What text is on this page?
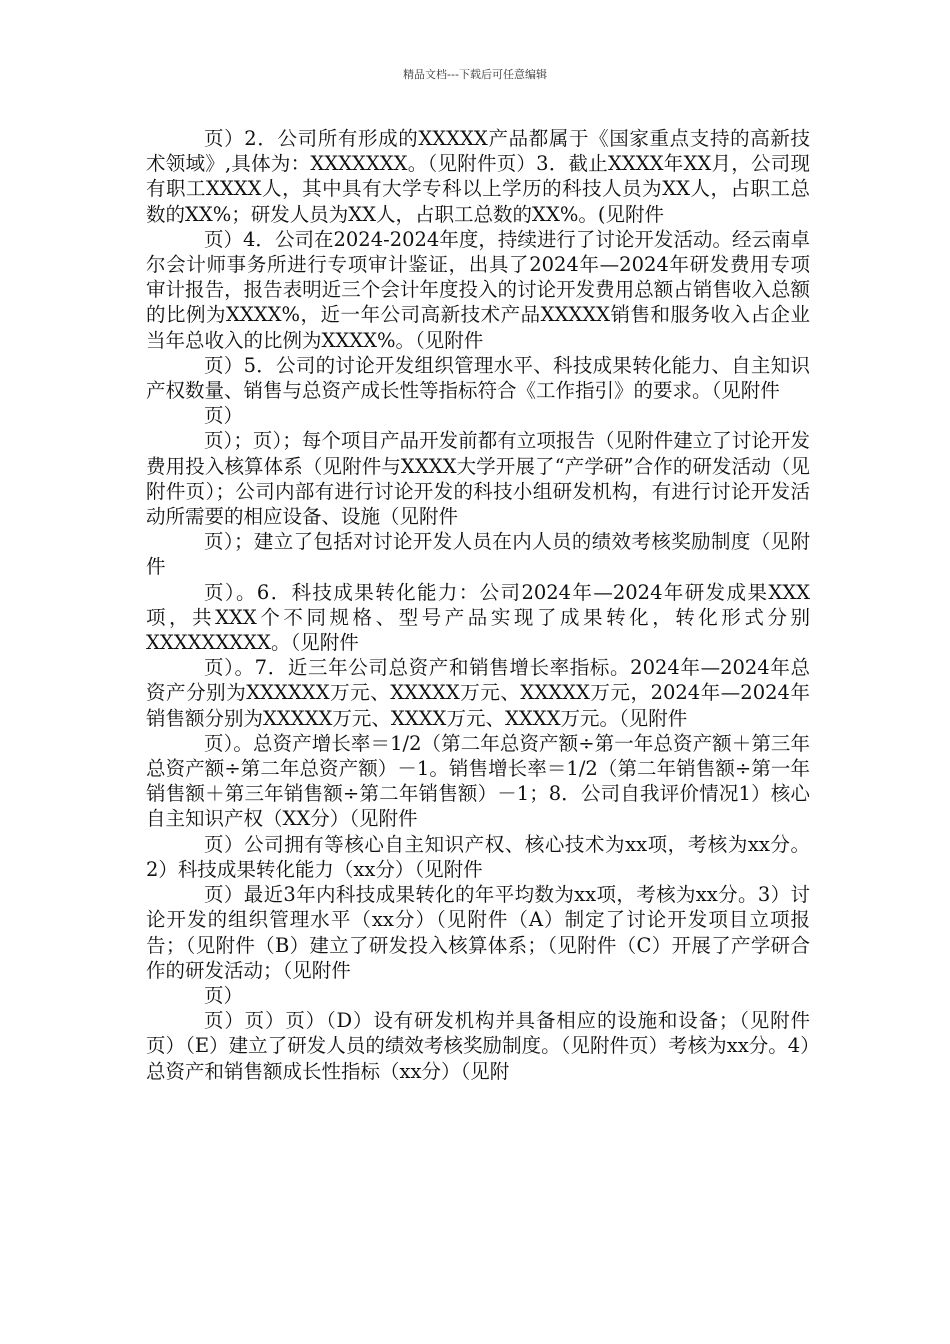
精品文档---下载后可任意编辑

页）2．公司所有形成的XXXXX产品都属于《国家重点支持的高新技术领域》,具体为：XXXXXXX。（见附件页）3．截止XXXX年XX月，公司现有职工XXXX人，其中具有大学专科以上学历的科技人员为XX人，占职工总数的XX%；研发人员为XX人，占职工总数的XX%。(见附件

页）4．公司在2024-2024年度，持续进行了讨论开发活动。经云南卓尔会计师事务所进行专项审计鉴证，出具了2024年—2024年研发费用专项审计报告，报告表明近三个会计年度投入的讨论开发费用总额占销售收入总额的比例为XXXX%，近一年公司高新技术产品XXXXX销售和服务收入占企业当年总收入的比例为XXXX%。（见附件

页）5．公司的讨论开发组织管理水平、科技成果转化能力、自主知识产权数量、销售与总资产成长性等指标符合《工作指引》的要求。（见附件

页）

页）；页）；每个项目产品开发前都有立项报告（见附件建立了讨论开发费用投入核算体系（见附件与XXXX大学开展了“产学研”合作的研发活动（见附件页）；公司内部有进行讨论开发的科技小组研发机构，有进行讨论开发活动所需要的相应设备、设施（见附件

页）；建立了包括对讨论开发人员在内人员的绩效考核奖励制度（见附件

页）。6．科技成果转化能力：公司2024年—2024年研发成果XXX项，共XXX个不同规格、型号产品实现了成果转化，转化形式分别XXXXXXXXX。（见附件

页）。7．近三年公司总资产和销售增长率指标。2024年—2024年总资产分别为XXXXXX万元、XXXXX万元、XXXXX万元，2024年—2024年销售额分别为XXXXX万元、XXXX万元、XXXX万元。（见附件

页）。总资产增长率＝1/2（第二年总资产额÷第一年总资产额＋第三年总资产额÷第二年总资产额）－1。销售增长率＝1/2（第二年销售额÷第一年销售额＋第三年销售额÷第二年销售额）－1；8．公司自我评价情况1）核心自主知识产权（XX分）（见附件

页）公司拥有等核心自主知识产权、核心技术为xx项，考核为xx分。2）科技成果转化能力（xx分）（见附件

页）最近3年内科技成果转化的年平均数为xx项，考核为xx分。3）讨论开发的组织管理水平（xx分）（见附件（A）制定了讨论开发项目立项报告；（见附件（B）建立了研发投入核算体系；（见附件（C）开展了产学研合作的研发活动；（见附件

页）

页）页）页）（D）设有研发机构并具备相应的设施和设备；（见附件页）（E）建立了研发人员的绩效考核奖励制度。（见附件页）考核为xx分。4）总资产和销售额成长性指标（xx分）（见附
